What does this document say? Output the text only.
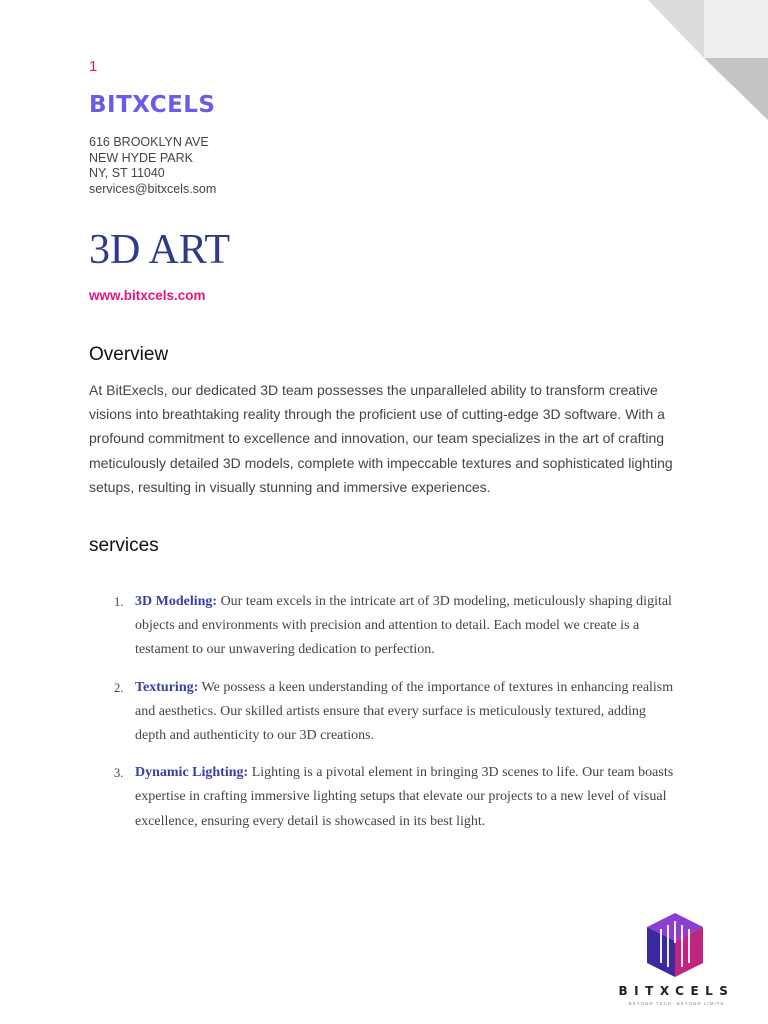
1
BITXCELS
616 BROOKLYN AVE
NEW HYDE PARK
NY, ST 11040
services@bitxcels.som
3D ART
www.bitxcels.com
Overview
At BitExecls, our dedicated 3D team possesses the unparalleled ability to transform creative visions into breathtaking reality through the proficient use of cutting-edge 3D software. With a profound commitment to excellence and innovation, our team specializes in the art of crafting meticulously detailed 3D models, complete with impeccable textures and sophisticated lighting setups, resulting in visually stunning and immersive experiences.
services
1. 3D Modeling: Our team excels in the intricate art of 3D modeling, meticulously shaping digital objects and environments with precision and attention to detail. Each model we create is a testament to our unwavering dedication to perfection.
2. Texturing: We possess a keen understanding of the importance of textures in enhancing realism and aesthetics. Our skilled artists ensure that every surface is meticulously textured, adding depth and authenticity to our 3D creations.
3. Dynamic Lighting: Lighting is a pivotal element in bringing 3D scenes to life. Our team boasts expertise in crafting immersive lighting setups that elevate our projects to a new level of visual excellence, ensuring every detail is showcased in its best light.
BITXCELS
BEYOND TECH. BEYOND LIMITS
